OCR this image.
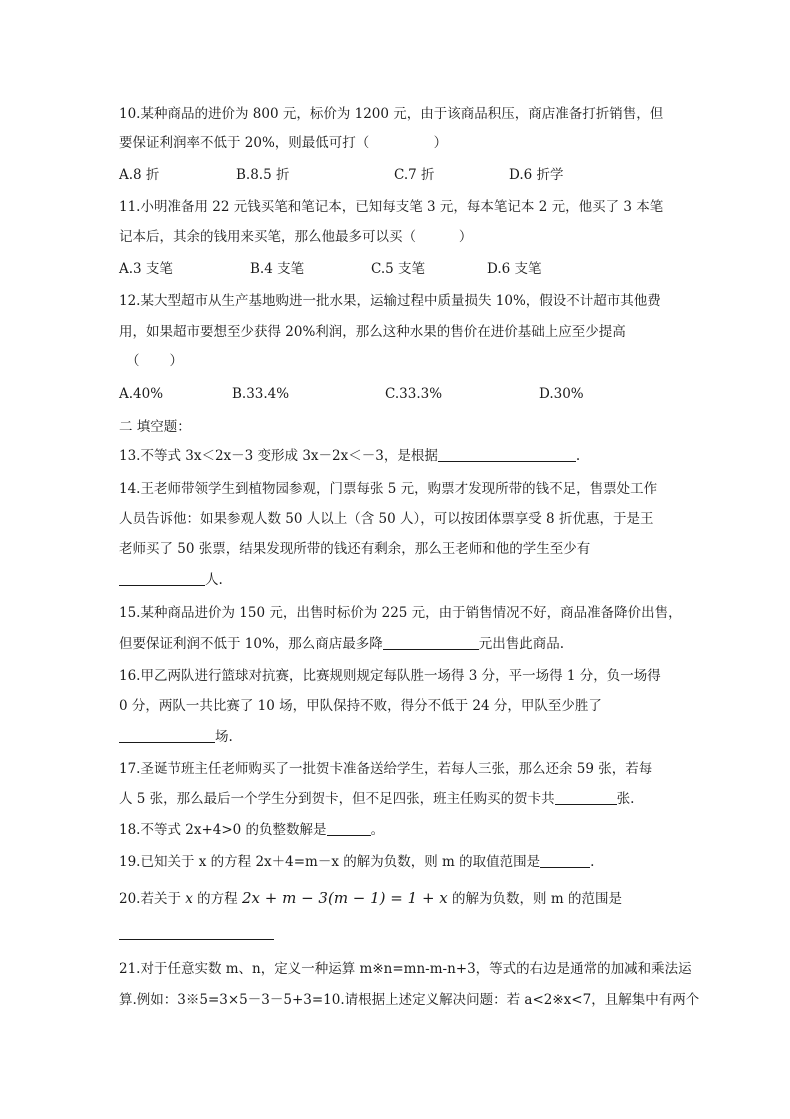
10.某种商品的进价为 800 元，标价为 1200 元，由于该商品积压，商店准备打折销售，但

要保证利润率不低于 20%，则最低可打（               ）

A.8 折	B.8.5 折	C.7 折	D.6 折学

11.小明准备用 22 元钱买笔和笔记本，已知每支笔 3 元，每本笔记本 2 元，他买了 3 本笔

记本后，其余的钱用来买笔，那么他最多可以买（          ）

A.3 支笔	B.4 支笔	C.5 支笔	D.6 支笔

12.某大型超市从生产基地购进一批水果，运输过程中质量损失 10%，假设不计超市其他费

用，如果超市要想至少获得 20%利润，那么这种水果的售价在进价基础上应至少提高

（       ）

A.40%	B.33.4%	C.33.3%	D.30%

二 填空题：

13.不等式 3x＜2x－3 变形成 3x－2x＜－3，是根据	.

14.王老师带领学生到植物园参观，门票每张 5 元，购票才发现所带的钱不足，售票处工作

人员告诉他：如果参观人数 50 人以上（含 50 人），可以按团体票享受 8 折优惠，于是王

老师买了 50 张票，结果发现所带的钱还有剩余，那么王老师和他的学生至少有

人.

15.某种商品进价为 150 元，出售时标价为 225 元，由于销售情况不好，商品准备降价出售，

但要保证利润不低于 10%，那么商店最多降	元出售此商品.

16.甲乙两队进行篮球对抗赛，比赛规则规定每队胜一场得 3 分，平一场得 1 分，负一场得

0 分，两队一共比赛了 10 场，甲队保持不败，得分不低于 24 分，甲队至少胜了

场.

17.圣诞节班主任老师购买了一批贺卡准备送给学生，若每人三张，那么还余 59 张，若每

人 5 张，那么最后一个学生分到贺卡，但不足四张，班主任购买的贺卡共	张.

18.不等式 2x+4>0 的负整数解是	。

19.已知关于 x 的方程 2x＋4=m－x 的解为负数，则 m 的取值范围是	.

20.若关于 x 的方程 2x + m − 3(m − 1) = 1 + x 的解为负数，则 m 的范围是

21.对于任意实数 m、n，定义一种运算 m※n=mn-m-n+3，等式的右边是通常的加减和乘法运

算.例如：3※5=3×5－3－5+3=10.请根据上述定义解决问题：若 a<2※x<7，且解集中有两个
